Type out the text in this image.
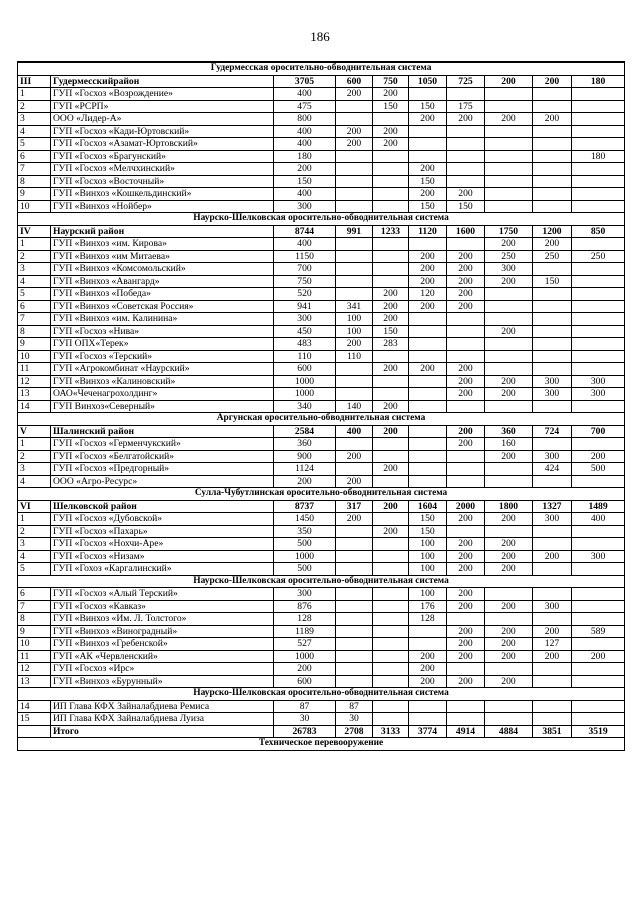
186
Гудермесская оросительно-обводнительная система									
III	Гудермесскийрайон	3705	600	750	1050	725	200	200	180
1	ГУП «Госхоз «Возрождение»	400	200	200					
2	ГУП «РСРП»	475		150	150	175			
3	ООО «Лидер-А»	800			200	200	200	200	
4	ГУП «Госхоз «Кади-Юртовский»	400	200	200					
5	ГУП «Госхоз «Азамат-Юртовский»	400	200	200					
6	ГУП «Госхоз «Брагунский»	180							180
7	ГУП «Госхоз «Мелчхинский»	200			200				
8	ГУП «Госхоз «Восточный»	150			150				
9	ГУП «Винхоз «Кошкельдинский»	400			200	200			
10	ГУП «Винхоз «Нойбер»	300			150	150			
Наурско-Шелковская оросительно-обводнительная система									
IV	Наурский район	8744	991	1233	1120	1600	1750	1200	850
1	ГУП «Винхоз «им. Кирова»	400					200	200	
2	ГУП «Винхоз «им Митаева»	1150			200	200	250	250	250
3	ГУП «Винхоз «Комсомольский»	700			200	200	300		
4	ГУП «Винхоз «Авангард»	750			200	200	200	150	
5	ГУП «Винхоз «Победа»	520		200	120	200			
6	ГУП «Винхоз «Советская Россия»	941	341	200	200	200			
7	ГУП «Винхоз «им. Калинина»	300	100	200					
8	ГУП «Госхоз «Нива»	450	100	150			200		
9	ГУП ОПХ«Терек»	483	200	283					
10	ГУП «Госхоз «Терский»	110	110						
11	ГУП «Агрокомбинат «Наурский»	600		200	200	200			
12	ГУП «Винхоз «Калиновский»	1000				200	200	300	300
13	ОАО«Чеченагрохолдинг»	1000				200	200	300	300
14	ГУП Винхоз«Северный»	340	140	200					
Аргунская оросительно-обводнительная система									
V	Шалинский район	2584	400	200		200	360	724	700
1	ГУП «Госхоз «Герменчукский»	360				200	160		
2	ГУП «Госхоз «Белгатойский»	900	200				200	300	200
3	ГУП «Госхоз «Предгорный»	1124		200				424	500
4	ООО «Агро-Ресурс»	200	200						
Сулла-Чубутлинская оросительно-обводнительная система									
VI	Шелковской район	8737	317	200	1604	2000	1800	1327	1489
1	ГУП «Госхоз «Дубовской»	1450	200		150	200	200	300	400
2	ГУП «Госхоз «Пахарь»	350		200	150				
3	ГУП «Госхоз «Нохчи-Аре»	500			100	200	200		
4	ГУП «Госхоз «Низам»	1000			100	200	200	200	300
5	ГУП «Гохоз «Каргалинский»	500			100	200	200		
Наурско-Шелковская оросительно-обводнительная система									
6	ГУП «Госхоз «Алый Терский»	300			100	200			
7	ГУП «Госхоз «Кавказ»	876			176	200	200	300	
8	ГУП «Винхоз «Им. Л. Толстого»	128			128				
9	ГУП «Винхоз «Виноградный»	1189				200	200	200	589
10	ГУП «Винхоз «Гребенской»	527				200	200	127	
11	ГУП «АК «Червленский»	1000			200	200	200	200	200
12	ГУП «Госхоз «Ирс»	200			200				
13	ГУП «Винхоз «Бурунный»	600			200	200	200		
Наурско-Шелковская оросительно-обводнительная система									
14	ИП Глава КФХ Зайналабдиева Ремиса	87	87						
15	ИП Глава КФХ Зайналабдиева Луиза	30	30						
	Итого	26783	2708	3133	3774	4914	4884	3851	3519
Техническое перевооружение									
